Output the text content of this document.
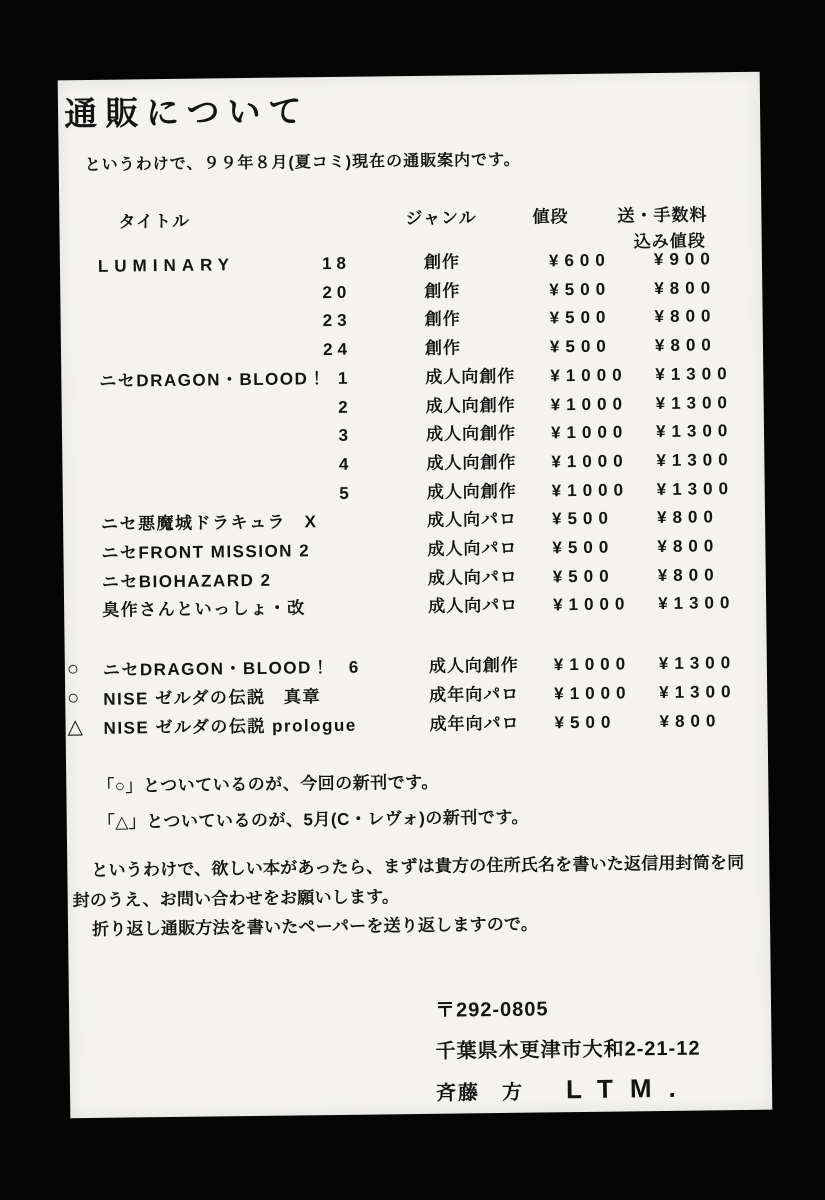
通販について

というわけで、９９年８月(夏コミ)現在の通販案内です。

タイトル	ジャンル	値段	送・手数料
込み値段
LUMINARY	18	創作	¥600	¥900
20	創作	¥500	¥800
23	創作	¥500	¥800
24	創作	¥500	¥800
ニセDRAGON・BLOOD！ 1	成人向創作 ¥1000 ¥1300
2	成人向創作 ¥1000 ¥1300
3	成人向創作 ¥1000 ¥1300
4	成人向創作 ¥1000 ¥1300
5	成人向創作 ¥1000 ¥1300
ニセ悪魔城ドラキュラ　X	成人向パロ ¥500	¥800
ニセFRONT MISSION 2	成人向パロ ¥500	¥800
ニセBIOHAZARD 2	成人向パロ ¥500	¥800
臭作さんといっしょ・改	成人向パロ ¥1000 ¥1300
○ ニセDRAGON・BLOOD！　6	成人向創作 ¥1000 ¥1300
○ NISE ゼルダの伝説　真章	成年向パロ ¥1000 ¥1300
△ NISE ゼルダの伝説 prologue	成年向パロ ¥500	¥800

「○」とついているのが、今回の新刊です。

「△」とついているのが、5月(C・レヴォ)の新刊です。

というわけで、欲しい本があったら、まずは貴方の住所氏名を書いた返信用封筒を同

封のうえ、お問い合わせをお願いします。

折り返し通販方法を書いたペーパーを送り返しますので。

〒292-0805
千葉県木更津市大和2-21-12
斉藤　方 LTM.
